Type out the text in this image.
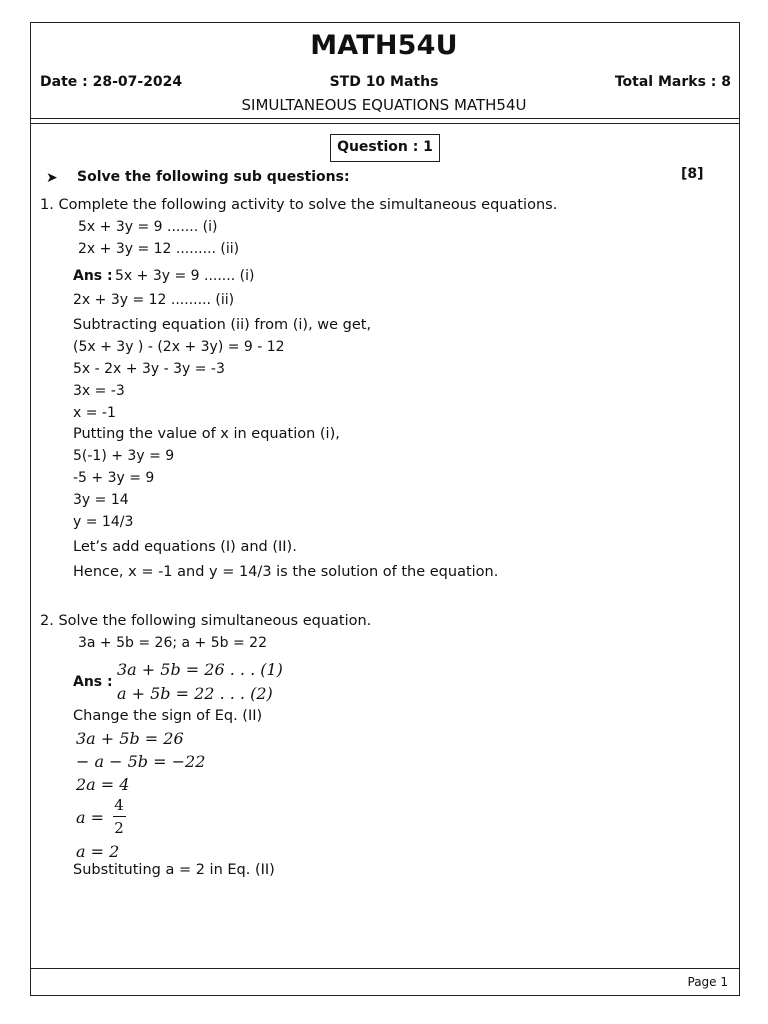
MATH54U
Date : 28-07-2024	STD 10 Maths	Total Marks : 8
SIMULTANEOUS EQUATIONS MATH54U
Question : 1
➤ Solve the following sub questions:	[8]
1. Complete the following activity to solve the simultaneous equations.
5x + 3y = 9 ....... (i)
2x + 3y = 12 ......... (ii)
Ans : 5x + 3y = 9 ....... (i)
2x + 3y = 12 ......... (ii)
Subtracting equation (ii) from (i), we get,
(5x + 3y ) - (2x + 3y) = 9 - 12
5x - 2x + 3y - 3y = -3
3x = -3
x = -1
Putting the value of x in equation (i),
5(-1) + 3y = 9
-5 + 3y = 9
3y = 14
y = 14/3
Let’s add equations (I) and (II).
Hence, x = -1 and y = 14/3 is the solution of the equation.
2. Solve the following simultaneous equation.
3a + 5b = 26; a + 5b = 22
Ans :
3a + 5b = 26 . . . (1)
a + 5b = 22 . . . (2)
Change the sign of Eq. (II)
3a + 5b = 26
− a − 5b = −22
2a = 4
a =
4
2
a = 2
Substituting a = 2 in Eq. (II)
Page 1
